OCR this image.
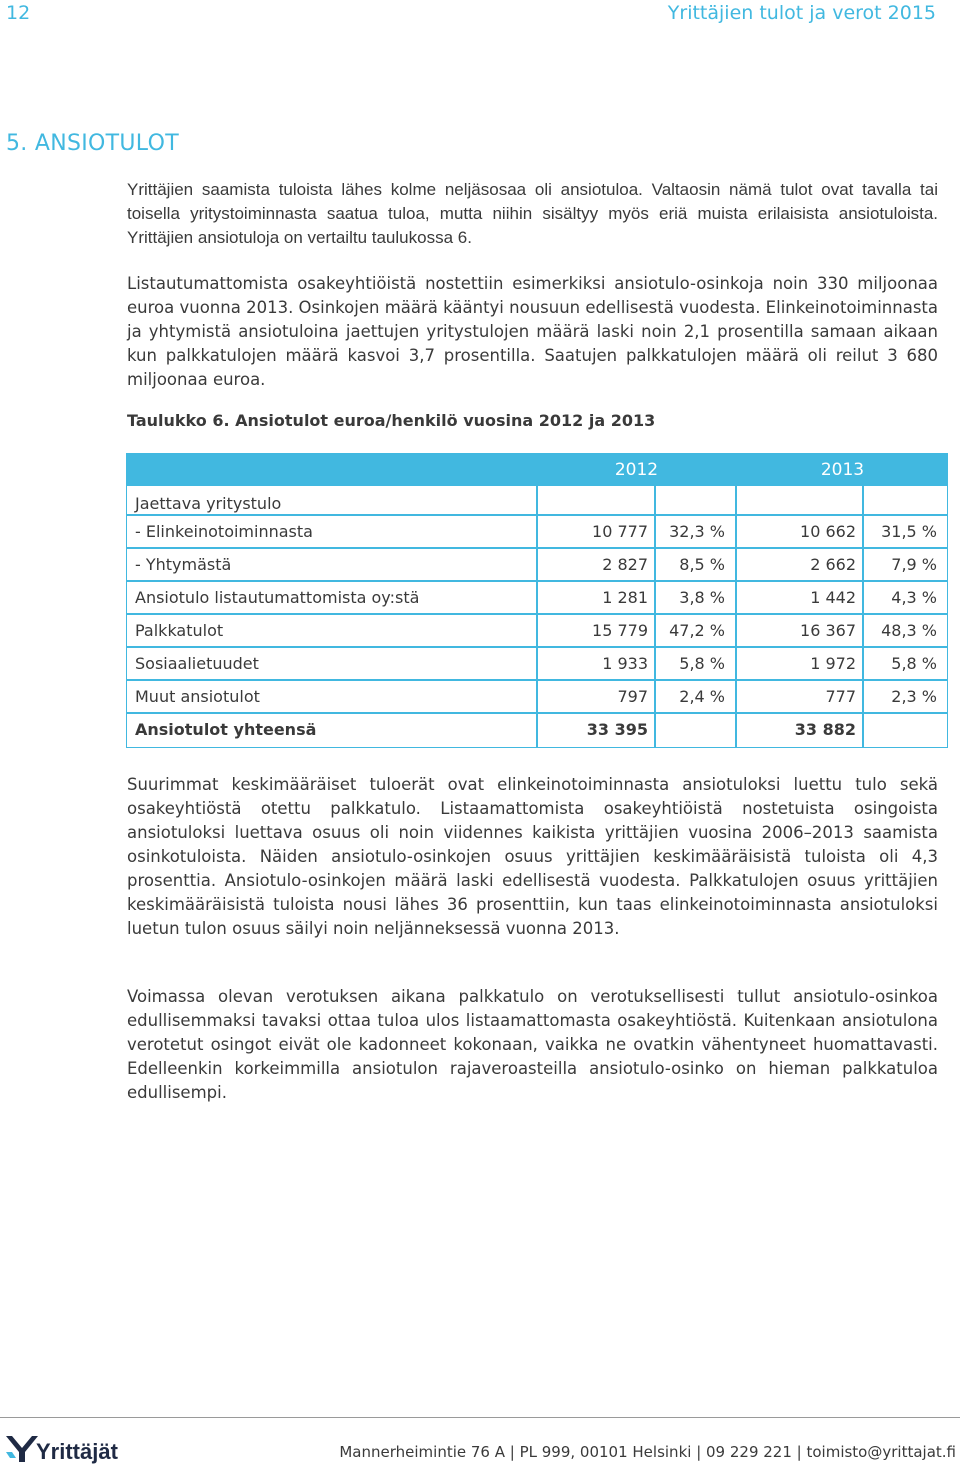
12	Yrittäjien tulot ja verot 2015
5. ANSIOTULOT

Yrittäjien saamista tuloista lähes kolme neljäsosaa oli ansiotuloa. Valtaosin nämä tulot ovat tavalla tai toisella yritystoiminnasta saatua tuloa, mutta niihin sisältyy myös eriä muista erilaisista ansiotuloista. Yrittäjien ansiotuloja on vertailtu taulukossa 6.

Listautumattomista osakeyhtiöistä nostettiin esimerkiksi ansiotulo-osinkoja noin 330 miljoonaa euroa vuonna 2013. Osinkojen määrä kääntyi nousuun edellisestä vuodesta. Elinkeinotoiminnasta ja yhtymistä ansiotuloina jaettujen yritystulojen määrä laski noin 2,1 prosentilla samaan aikaan kun palkkatulojen määrä kasvoi 3,7 prosentilla. Saatujen palkkatulojen määrä oli reilut 3 680 miljoonaa euroa.

Taulukko 6. Ansiotulot euroa/henkilö vuosina 2012 ja 2013
2012	2013
Jaettava yritystulo
- Elinkeinotoiminnasta	10 777 32,3 %	10 662 31,5 %
- Yhtymästä	2 827 8,5 %	2 662 7,9 %
Ansiotulo listautumattomista oy:stä	1 281 3,8 %	1 442 4,3 %
Palkkatulot	15 779 47,2 %	16 367 48,3 %
Sosiaalietuudet	1 933 5,8 %	1 972 5,8 %
Muut ansiotulot	797 2,4 %	777 2,3 %
Ansiotulot yhteensä	33 395	33 882

Suurimmat keskimääräiset tuloerät ovat elinkeinotoiminnasta ansiotuloksi luettu tulo sekä osakeyhtiöstä otettu palkkatulo. Listaamattomista osakeyhtiöistä nostetuista osingoista ansiotuloksi luettava osuus oli noin viidennes kaikista yrittäjien vuosina 2006–2013 saamista osinkotuloista. Näiden ansiotulo-osinkojen osuus yrittäjien keskimääräisistä tuloista oli 4,3 prosenttia. Ansiotulo-osinkojen määrä laski edellisestä vuodesta. Palkkatulojen osuus yrittäjien keskimääräisistä tuloista nousi lähes 36 prosenttiin, kun taas elinkeinotoiminnasta ansiotuloksi luetun tulon osuus säilyi noin neljänneksessä vuonna 2013.

Voimassa olevan verotuksen aikana palkkatulo on verotuksellisesti tullut ansiotulo-osinkoa edullisemmaksi tavaksi ottaa tuloa ulos listaamattomasta osakeyhtiöstä. Kuitenkaan ansiotulona verotetut osingot eivät ole kadonneet kokonaan, vaikka ne ovatkin vähentyneet huomattavasti. Edelleenkin korkeimmilla ansiotulon rajaveroasteilla ansiotulo-osinko on hieman palkkatuloa edullisempi.

Yrittäjät	Mannerheimintie 76 A | PL 999, 00101 Helsinki | 09 229 221 | toimisto@yrittajat.fi
